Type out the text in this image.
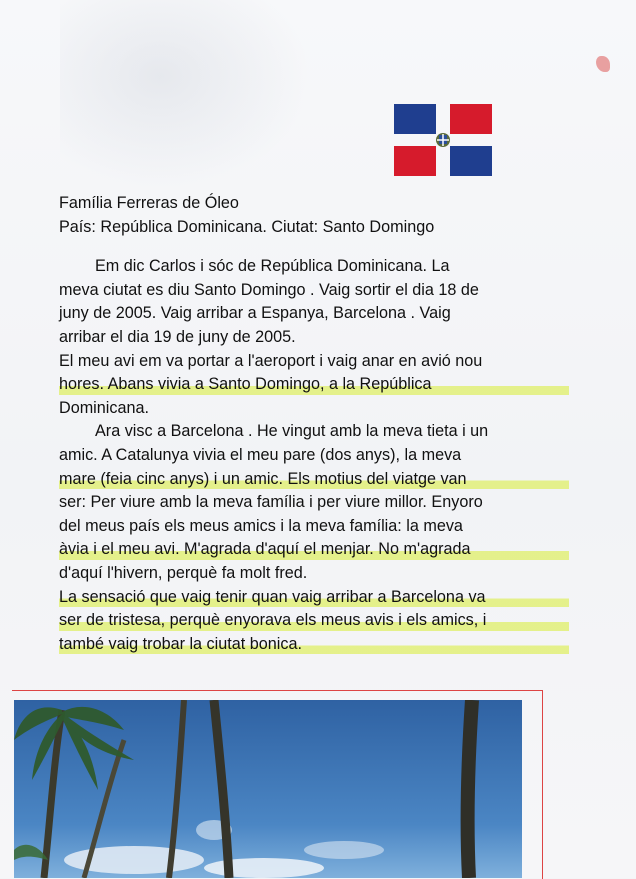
Família Ferreras de Óleo

País: República Dominicana. Ciutat: Santo Domingo

Em dic Carlos i sóc de República Dominicana. La

meva ciutat es diu Santo Domingo . Vaig sortir el dia 18 de

juny de 2005. Vaig arribar a Espanya, Barcelona . Vaig

arribar el dia 19 de juny de 2005.

El meu avi em va portar a l'aeroport i vaig anar en avió nou

hores. Abans vivia a Santo Domingo, a la República

Dominicana.

Ara visc a Barcelona . He vingut amb la meva tieta i un

amic. A Catalunya vivia el meu pare (dos anys), la meva

mare (feia cinc anys) i un amic. Els motius del viatge van

ser: Per viure amb la meva família i per viure millor. Enyoro

del meus país els meus amics i la meva família: la meva

àvia i el meu avi. M'agrada d'aquí el menjar. No m'agrada

d'aquí l'hivern, perquè fa molt fred.

La sensació que vaig tenir quan vaig arribar a Barcelona va

ser de tristesa, perquè enyorava els meus avis i els amics, i

també vaig trobar la ciutat bonica.
